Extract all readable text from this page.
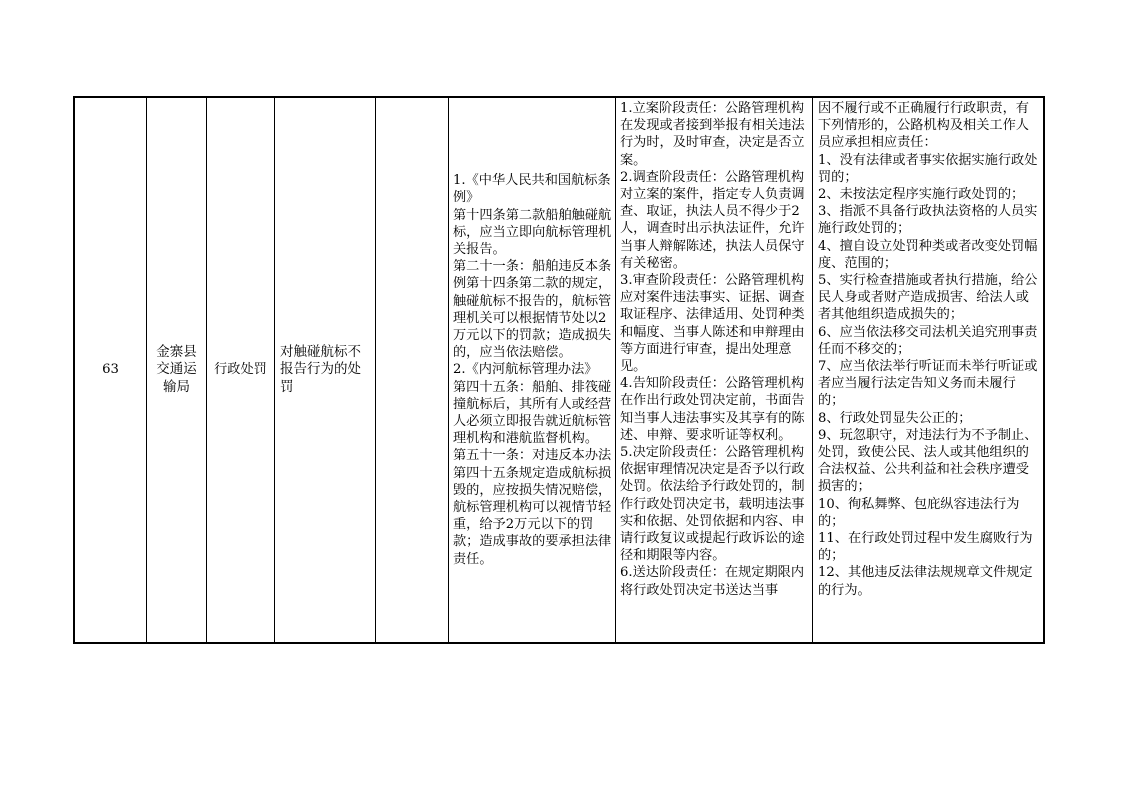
63
金寨县交通运输局
行政处罚
对触碰航标不报告行为的处罚
1.《中华人民共和国航标条例》
第十四条第二款船舶触碰航标，应当立即向航标管理机关报告。
第二十一条：船舶违反本条例第十四条第二款的规定，触碰航标不报告的，航标管理机关可以根据情节处以2万元以下的罚款；造成损失的，应当依法赔偿。
2.《内河航标管理办法》
第四十五条：船舶、排筏碰撞航标后，其所有人或经营人必须立即报告就近航标管理机构和港航监督机构。
第五十一条：对违反本办法第四十五条规定造成航标损毁的，应按损失情况赔偿，航标管理机构可以视情节轻重，给予2万元以下的罚款；造成事故的要承担法律责任。
1.立案阶段责任：公路管理机构在发现或者接到举报有相关违法行为时，及时审查，决定是否立案。
2.调查阶段责任：公路管理机构对立案的案件，指定专人负责调查、取证，执法人员不得少于2人，调查时出示执法证件，允许当事人辩解陈述，执法人员保守有关秘密。
3.审查阶段责任：公路管理机构应对案件违法事实、证据、调查取证程序、法律适用、处罚种类和幅度、当事人陈述和申辩理由等方面进行审查，提出处理意见。
4.告知阶段责任：公路管理机构在作出行政处罚决定前，书面告知当事人违法事实及其享有的陈述、申辩、要求听证等权利。
5.决定阶段责任：公路管理机构依据审理情况决定是否予以行政处罚。依法给予行政处罚的，制作行政处罚决定书，载明违法事实和依据、处罚依据和内容、申请行政复议或提起行政诉讼的途径和期限等内容。
6.送达阶段责任：在规定期限内将行政处罚决定书送达当事
因不履行或不正确履行行政职责，有下列情形的，公路机构及相关工作人员应承担相应责任：
1、没有法律或者事实依据实施行政处罚的；
2、未按法定程序实施行政处罚的；
3、指派不具备行政执法资格的人员实施行政处罚的；
4、擅自设立处罚种类或者改变处罚幅度、范围的；
5、实行检查措施或者执行措施，给公民人身或者财产造成损害、给法人或者其他组织造成损失的；
6、应当依法移交司法机关追究刑事责任而不移交的；
7、应当依法举行听证而未举行听证或者应当履行法定告知义务而未履行的；
8、行政处罚显失公正的；
9、玩忽职守，对违法行为不予制止、处罚，致使公民、法人或其他组织的合法权益、公共利益和社会秩序遭受损害的；
10、徇私舞弊、包庇纵容违法行为的；
11、在行政处罚过程中发生腐败行为的；
12、其他违反法律法规规章文件规定的行为。
